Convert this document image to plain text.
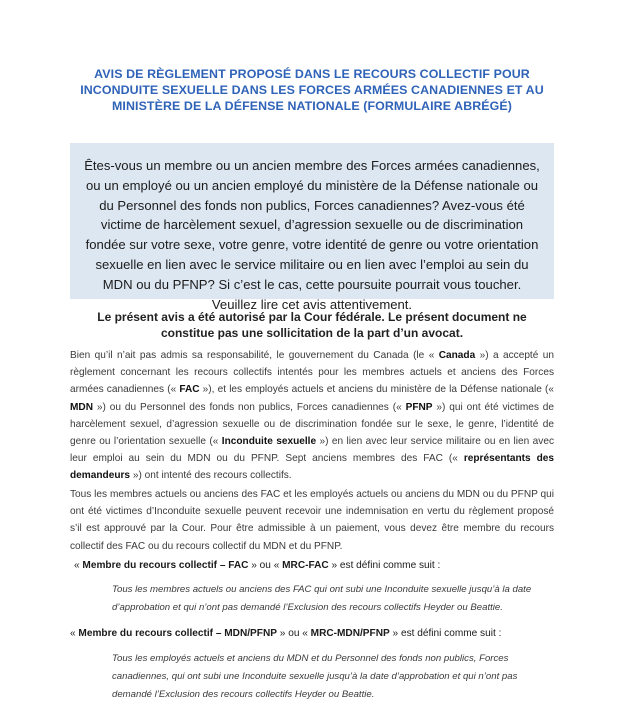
AVIS DE RÈGLEMENT PROPOSÉ DANS LE RECOURS COLLECTIF POUR INCONDUITE SEXUELLE DANS LES FORCES ARMÉES CANADIENNES ET AU MINISTÈRE DE LA DÉFENSE NATIONALE (FORMULAIRE ABRÉGÉ)
Êtes-vous un membre ou un ancien membre des Forces armées canadiennes, ou un employé ou un ancien employé du ministère de la Défense nationale ou du Personnel des fonds non publics, Forces canadiennes? Avez-vous été victime de harcèlement sexuel, d’agression sexuelle ou de discrimination fondée sur votre sexe, votre genre, votre identité de genre ou votre orientation sexuelle en lien avec le service militaire ou en lien avec l’emploi au sein du MDN ou du PFNP? Si c’est le cas, cette poursuite pourrait vous toucher. Veuillez lire cet avis attentivement.
Le présent avis a été autorisé par la Cour fédérale. Le présent document ne constitue pas une sollicitation de la part d’un avocat.

Bien qu’il n’ait pas admis sa responsabilité, le gouvernement du Canada (le « Canada ») a accepté un règlement concernant les recours collectifs intentés pour les membres actuels et anciens des Forces armées canadiennes (« FAC »), et les employés actuels et anciens du ministère de la Défense nationale (« MDN ») ou du Personnel des fonds non publics, Forces canadiennes (« PFNP ») qui ont été victimes de harcèlement sexuel, d’agression sexuelle ou de discrimination fondée sur le sexe, le genre, l’identité de genre ou l’orientation sexuelle (« Inconduite sexuelle ») en lien avec leur service militaire ou en lien avec leur emploi au sein du MDN ou du PFNP. Sept anciens membres des FAC (« représentants des demandeurs ») ont intenté des recours collectifs.

Tous les membres actuels ou anciens des FAC et les employés actuels ou anciens du MDN ou du PFNP qui ont été victimes d’Inconduite sexuelle peuvent recevoir une indemnisation en vertu du règlement proposé s’il est approuvé par la Cour. Pour être admissible à un paiement, vous devez être membre du recours collectif des FAC ou du recours collectif du MDN et du PFNP.

« Membre du recours collectif – FAC » ou « MRC-FAC » est défini comme suit :

Tous les membres actuels ou anciens des FAC qui ont subi une Inconduite sexuelle jusqu’à la date d’approbation et qui n’ont pas demandé l’Exclusion des recours collectifs Heyder ou Beattie.

« Membre du recours collectif – MDN/PFNP » ou « MRC-MDN/PFNP » est défini comme suit :

Tous les employés actuels et anciens du MDN et du Personnel des fonds non publics, Forces canadiennes, qui ont subi une Inconduite sexuelle jusqu’à la date d’approbation et qui n’ont pas demandé l’Exclusion des recours collectifs Heyder ou Beattie.
